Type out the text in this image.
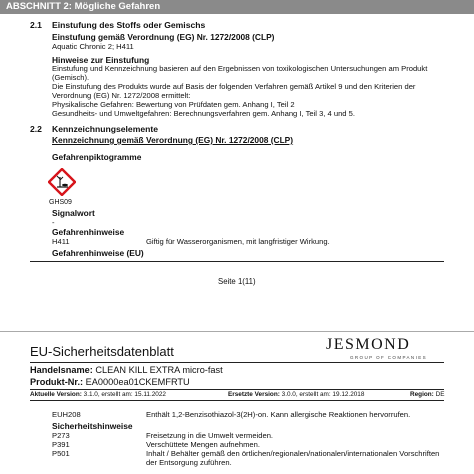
ABSCHNITT 2: Mögliche Gefahren
2.1 Einstufung des Stoffs oder Gemischs
Einstufung gemäß Verordnung (EG) Nr. 1272/2008 (CLP)
Aquatic Chronic 2; H411
Hinweise zur Einstufung
Einstufung und Kennzeichnung basieren auf den Ergebnissen von toxikologischen Untersuchungen am Produkt
(Gemisch).
Die Einstufung des Produkts wurde auf Basis der folgenden Verfahren gemäß Artikel 9 und den Kriterien der
Verordnung (EG) Nr. 1272/2008 ermittelt:
Physikalische Gefahren: Bewertung von Prüfdaten gem. Anhang I, Teil 2
Gesundheits- und Umweltgefahren: Berechnungsverfahren gem. Anhang I, Teil 3, 4 und 5.
2.2 Kennzeichnungselemente
Kennzeichnung gemäß Verordnung (EG) Nr. 1272/2008 (CLP)
Gefahrenpiktogramme
GHS09
Signalwort
-
Gefahrenhinweise
H411	Giftig für Wasserorganismen, mit langfristiger Wirkung.
Gefahrenhinweise (EU)
Seite 1(11)
EU-Sicherheitsdatenblatt	JESMOND
GROUP OF COMPANIES
Handelsname: CLEAN KILL EXTRA micro-fast
Produkt-Nr.: EA0000ea01CKEMFRTU
Aktuelle Version: 3.1.0, erstellt am: 15.11.2022	Ersetzte Version: 3.0.0, erstellt am: 19.12.2018	Region: DE
EUH208	Enthält 1,2-Benzisothiazol-3(2H)-on. Kann allergische Reaktionen hervorrufen.
Sicherheitshinweise
P273	Freisetzung in die Umwelt vermeiden.
P391	Verschüttete Mengen aufnehmen.
P501	Inhalt / Behälter gemäß den örtlichen/regionalen/nationalen/internationalen Vorschriften
der Entsorgung zuführen.
